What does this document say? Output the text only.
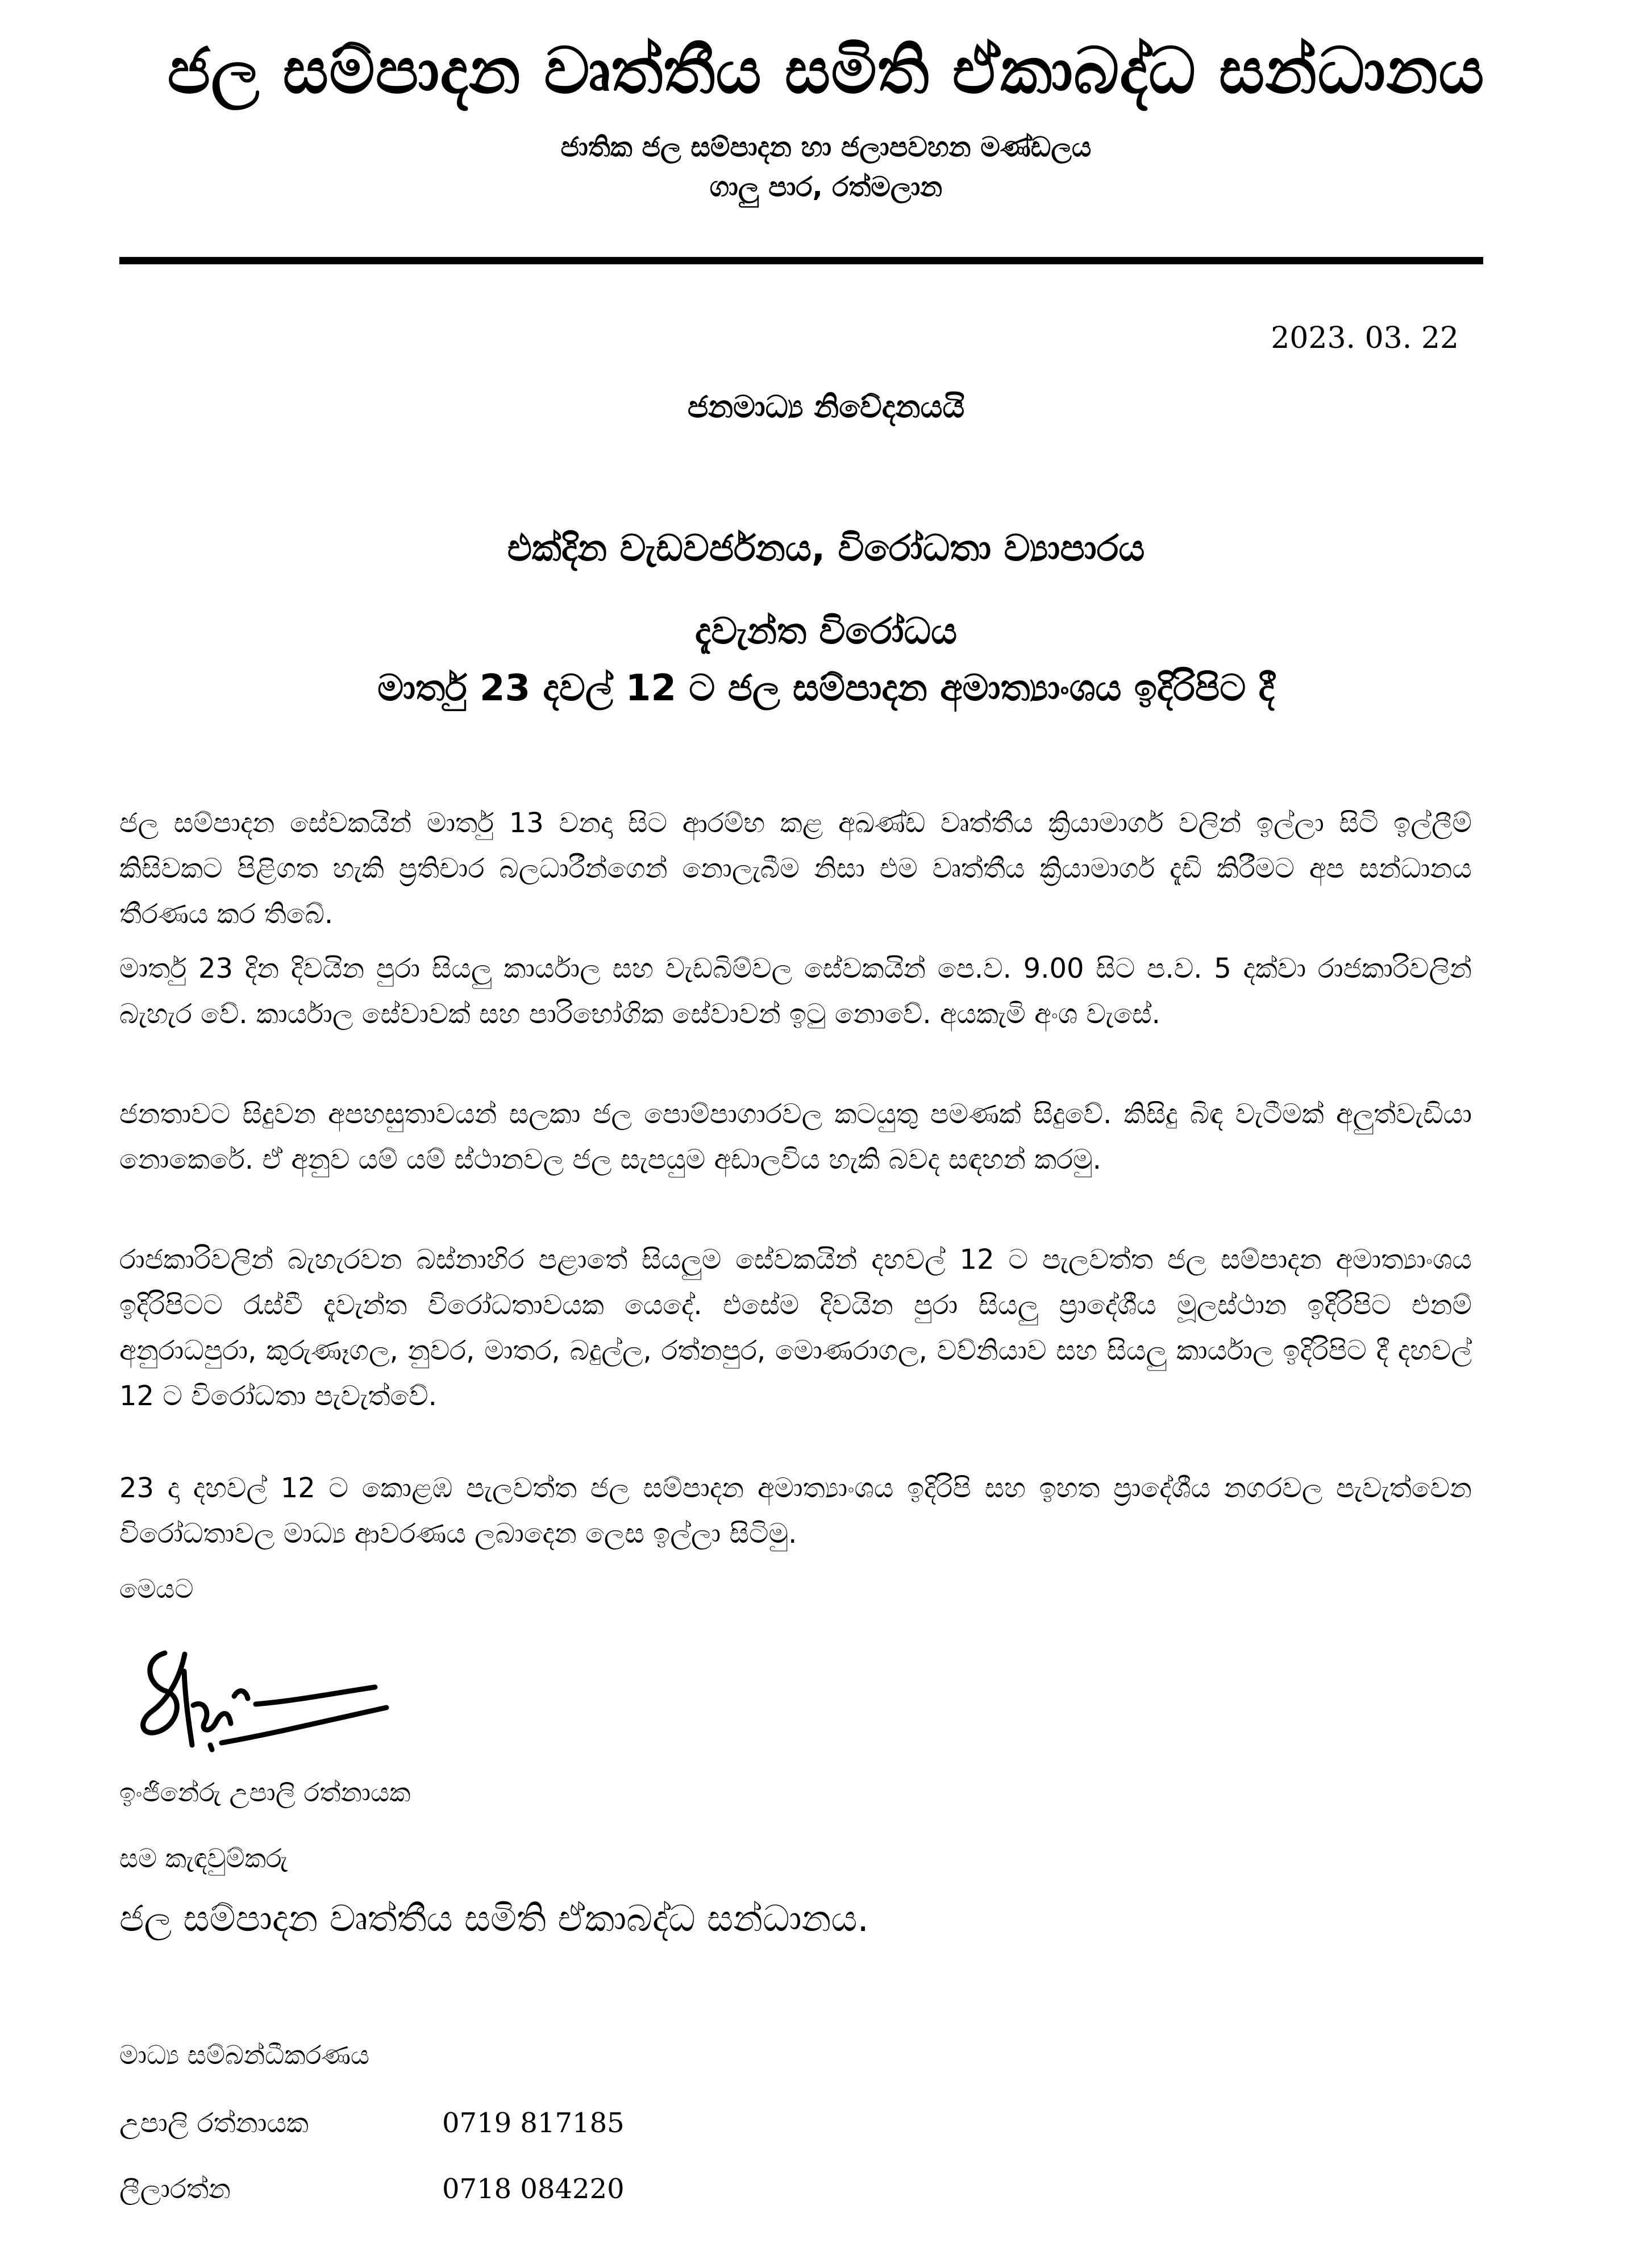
ජල සම්පාදන වෘත්තීය සමිති ඒකාබද්ධ සන්ධානය
ජාතික ජල සම්පාදන හා ජලාපවහන මණ්ඩලය
ගාලු පාර, රත්මලාන
2023. 03. 22
ජනමාධ්‍ය නිවේදනයයි
එක්දින වැඩවර්ජනය, විරෝධතා ව්‍යාපාරය
දැවැන්ත විරෝධය
මාර්තු 23 දවල් 12 ට ජල සම්පාදන අමාත්‍යාංශය ඉදිරිපිට දී
ජල සම්පාදන සේවකයින් මාර්තු 13 වනදා සිට ආරම්භ කළ අඛණ්ඩ වෘත්තීය ක්‍රියාමාර්ග වලින් ඉල්ලා සිටි ඉල්ලීම් කිසිවකට පිළිගත හැකි ප්‍රතිචාර බලධාරීන්ගෙන් නොලැබීම නිසා එම වෘත්තීය ක්‍රියාමාර්ග දැඩි කිරීමට අප සන්ධානය තීරණය කර තිබේ.
මාර්තු 23 දින දිවයින පුරා සියලු කාර්යාල සහ වැඩබිම්වල සේවකයින් පෙ.ව. 9.00 සිට ප.ව. 5 දක්වා රාජකාරිවලින් බැහැර වේ. කාර්යාල සේවාවක් සහ පාරිභෝගික සේවාවන් ඉටු නොවේ. අයකැමි අංශ වැසේ.
ජනතාවට සිදුවන අපහසුතාවයන් සලකා ජල පොම්පාගාරවල කටයුතු පමණක් සිදුවේ. කිසිදු බිඳ වැටීමක් අලුත්වැඩියා නොකෙරේ. ඒ අනුව යම් යම් ස්ථානවල ජල සැපයුම අඩාලවිය හැකි බවද සඳහන් කරමු.
රාජකාරිවලින් බැහැරවන බස්නාහිර පළාතේ සියලුම සේවකයින් දහවල් 12 ට පැලවත්ත ජල සම්පාදන අමාත්‍යාංශය ඉදිරිපිටට රැස්වී දැවැන්ත විරෝධතාවයක යෙදේ. එසේම දිවයින පුරා සියලු ප්‍රාදේශීය මූලස්ථාන ඉදිරිපිට එනම් අනුරාධපුරා, කුරුණෑගල, නුවර, මාතර, බදුල්ල, රත්නපුර, මොණරාගල, වව්නියාව සහ සියලු කාර්යාල ඉදිරිපිට දී දහවල් 12 ට විරෝධතා පැවැත්වේ.
23 දා දහවල් 12 ට කොළඹ පැලවත්ත ජල සම්පාදන අමාත්‍යාංශය ඉදිරිපි සහ ඉහත ප්‍රාදේශීය නගරවල පැවැත්වෙන විරෝධතාවල මාධ්‍ය ආවරණය ලබාදෙන ලෙස ඉල්ලා සිටිමු.
මෙයට
ඉංජිනේරු උපාලි රත්නායක
සම කැඳවුම්කරු
ජල සම්පාදන වෘත්තීය සමිති ඒකාබද්ධ සන්ධානය.
මාධ්‍ය සම්බන්ධීකරණය
උපාලි රත්නායක	0719 817185
ලීලාරත්න	0718 084220
